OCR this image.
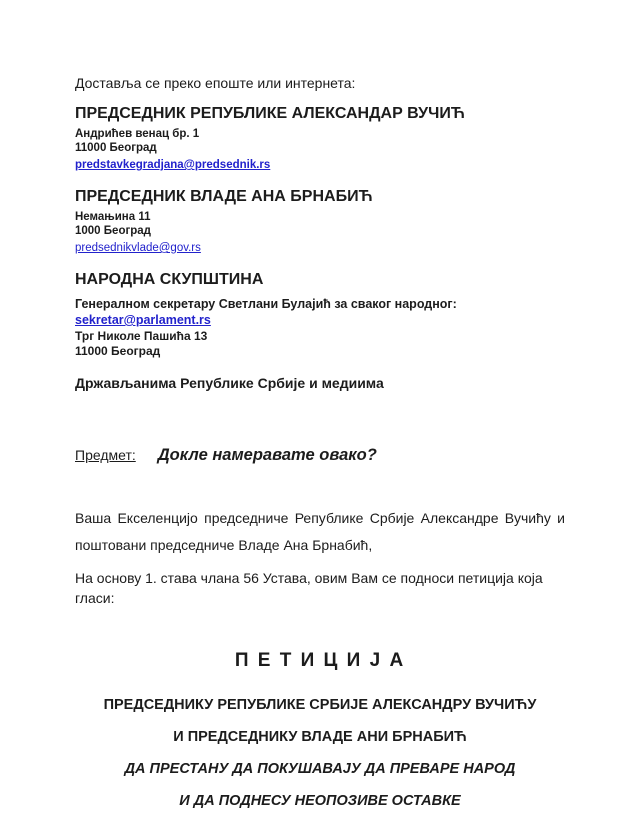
Доставља се преко епоште или интернета:

ПРЕДСЕДНИК РЕПУБЛИКЕ АЛЕКСАНДАР ВУЧИЋ

Андрићев венац бр. 1

11000 Београд

predstavkegradjana@predsednik.rs
ПРЕДСЕДНИК ВЛАДЕ АНА БРНАБИЋ

Немањина 11

1000 Београд

predsednikvlade@gov.rs
НАРОДНА СКУПШТИНА

Генералном секретару Светлани Булајић за сваког народног:  sekretar@parlament.rs

Трг Николе Пашића 13

11000 Београд

Држављанима Републике Србије и медиима

Предмет: Докле намеравате овако?

Ваша Екселенцијо председниче Републике Србије Александре Вучићу и поштовани председниче Владе Ана Брнабић,

На основу 1. става члана 56 Устава, овим Вам се подноси петиција која гласи:

П Е Т И Ц И Ј А

ПРЕДСЕДНИКУ РЕПУБЛИКЕ СРБИЈЕ АЛЕКСАНДРУ ВУЧИЋУ

И ПРЕДСЕДНИКУ ВЛАДЕ АНИ БРНАБИЋ

ДА ПРЕСТАНУ ДА ПОКУШАВАЈУ ДА ПРЕВАРЕ НАРОД

И ДА ПОДНЕСУ НЕОПОЗИВЕ ОСТАВКЕ
